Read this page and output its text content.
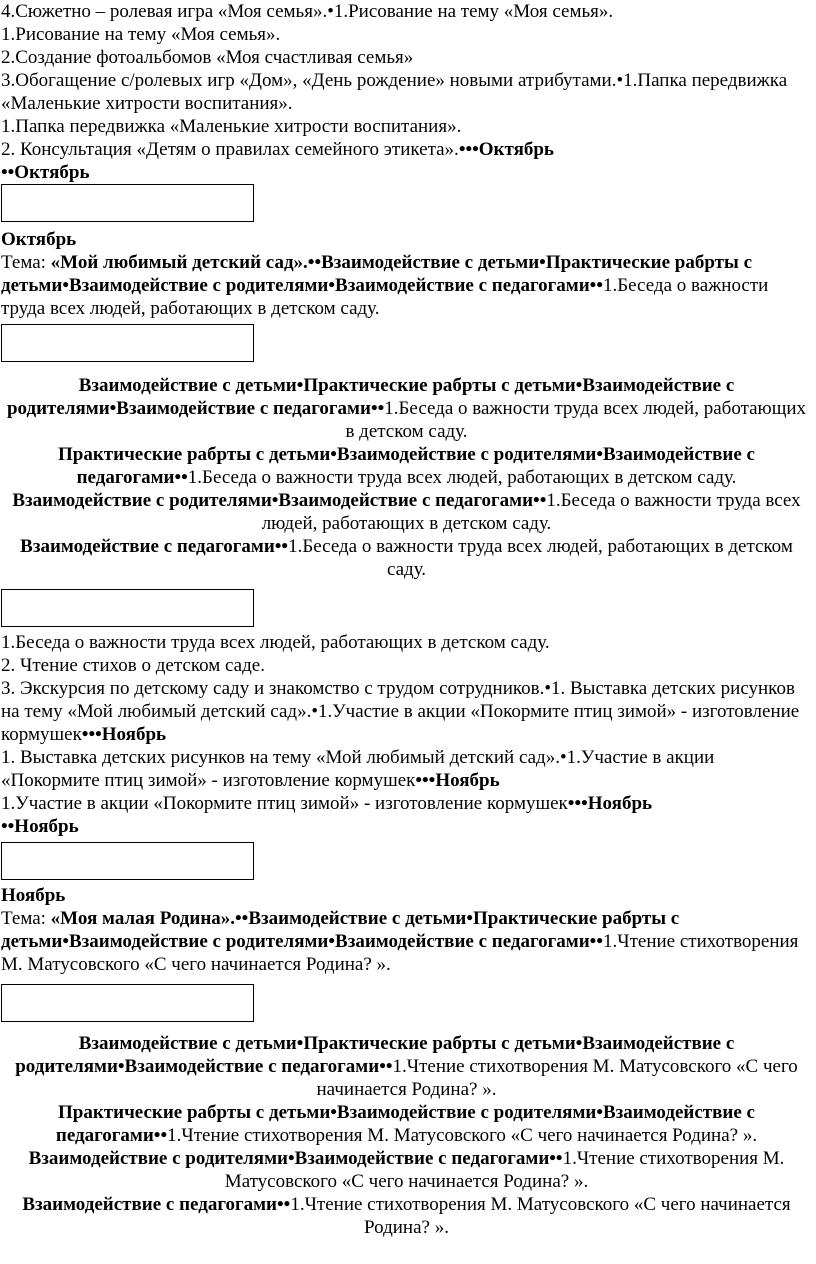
4.Сюжетно – ролевая игра «Моя семья».•1.Рисование на тему «Моя семья».

1.Рисование на тему «Моя семья».

2.Создание фотоальбомов «Моя счастливая семья»

3.Обогащение с/ролевых игр «Дом», «День рождение» новыми атрибутами.•1.Папка передвижка «Маленькие хитрости воспитания».

1.Папка передвижка «Маленькие хитрости воспитания».

2. Консультация «Детям о правилах семейного этикета».•••Октябрь

••Октябрь

Октябрь

Тема: «Мой любимый детский сад».••Взаимодействие с детьми•Практические рабрты с детьми•Взаимодействие с родителями•Взаимодействие с педагогами••1.Беседа о важности труда всех людей, работающих в детском саду.

Взаимодействие с детьми•Практические рабрты с детьми•Взаимодействие с родителями•Взаимодействие с педагогами••1.Беседа о важности труда всех людей, работающих в детском саду.

Практические рабрты с детьми•Взаимодействие с родителями•Взаимодействие с педагогами••1.Беседа о важности труда всех людей, работающих в детском саду.

Взаимодействие с родителями•Взаимодействие с педагогами••1.Беседа о важности труда всех людей, работающих в детском саду.

Взаимодействие с педагогами••1.Беседа о важности труда всех людей, работающих в детском саду.

1.Беседа о важности труда всех людей, работающих в детском саду.

2. Чтение стихов о детском саде.

3. Экскурсия по детскому саду и знакомство с трудом сотрудников.•1. Выставка детских рисунков на тему «Мой любимый детский сад».•1.Участие в акции «Покормите птиц зимой» - изготовление кормушек•••Ноябрь

1. Выставка детских рисунков на тему «Мой любимый детский сад».•1.Участие в акции «Покормите птиц зимой» - изготовление кормушек•••Ноябрь

1.Участие в акции «Покормите птиц зимой» - изготовление кормушек•••Ноябрь

••Ноябрь

Ноябрь

Тема: «Моя малая Родина».••Взаимодействие с детьми•Практические рабрты с детьми•Взаимодействие с родителями•Взаимодействие с педагогами••1.Чтение стихотворения М. Матусовского «С чего начинается Родина? ».

Взаимодействие с детьми•Практические рабрты с детьми•Взаимодействие с родителями•Взаимодействие с педагогами••1.Чтение стихотворения М. Матусовского «С чего начинается Родина? ».

Практические рабрты с детьми•Взаимодействие с родителями•Взаимодействие с педагогами••1.Чтение стихотворения М. Матусовского «С чего начинается Родина? ».

Взаимодействие с родителями•Взаимодействие с педагогами••1.Чтение стихотворения М. Матусовского «С чего начинается Родина? ».

Взаимодействие с педагогами••1.Чтение стихотворения М. Матусовского «С чего начинается Родина? ».
